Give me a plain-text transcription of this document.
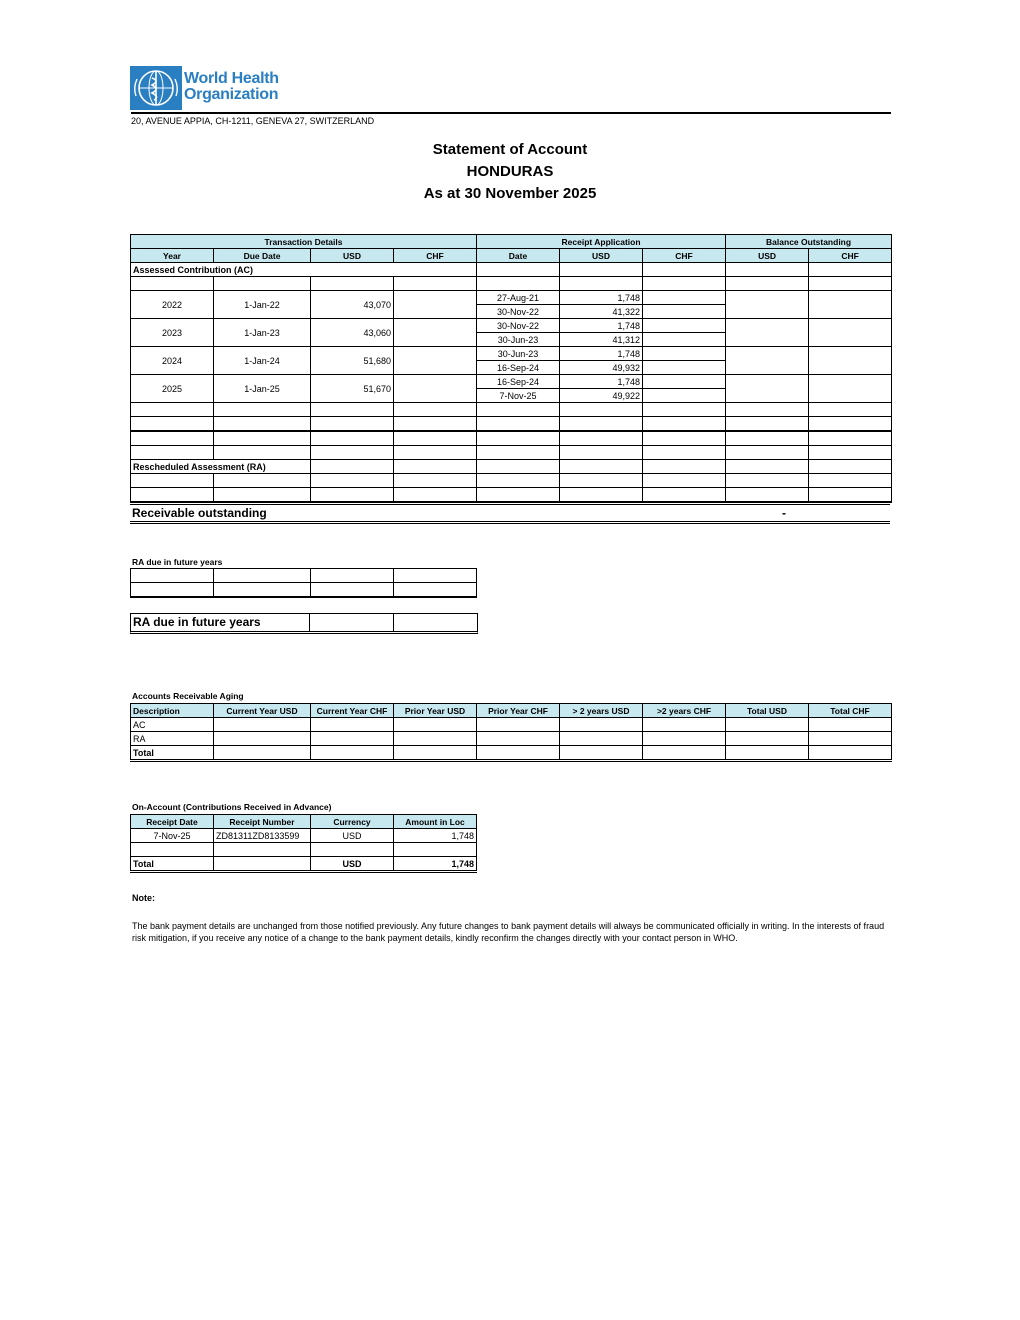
World Health
Organization
20, AVENUE APPIA, CH-1211, GENEVA 27, SWITZERLAND
Statement of Account
HONDURAS
As at 30 November 2025
Transaction Details				Receipt Application			Balance Outstanding	
Year	Due Date	USD	CHF	Date	USD	CHF	USD	CHF
Assessed Contribution (AC)								

2022	1-Jan-22	43,070		27-Aug-21	1,748			
				30-Nov-22	41,322			
2023	1-Jan-23	43,060		30-Nov-22	1,748			
				30-Jun-23	41,312			
2024	1-Jan-24	51,680		30-Jun-23	1,748			
				16-Sep-24	49,932			
2025	1-Jan-25	51,670		16-Sep-24	1,748			
				7-Nov-25	49,922			

Rescheduled Assessment (RA)								

Receivable outstanding	-
RA due in future years

RA due in future years
Accounts Receivable Aging
Description	Current Year USD	Current Year CHF	Prior Year USD	Prior Year CHF	> 2 years USD	>2 years CHF	Total USD	Total CHF
AC								
RA								
Total								
On-Account (Contributions Received in Advance)
Receipt Date	Receipt Number	Currency	Amount in Loc
7-Nov-25	ZD81311ZD8133599	USD	1,748

Total		USD	1,748
Note:
The bank payment details are unchanged from those notified previously. Any future changes to bank payment details will always be communicated officially in writing. In the interests of fraud risk mitigation, if you receive any notice of a change to the bank payment details, kindly reconfirm the changes directly with your contact person in WHO.
